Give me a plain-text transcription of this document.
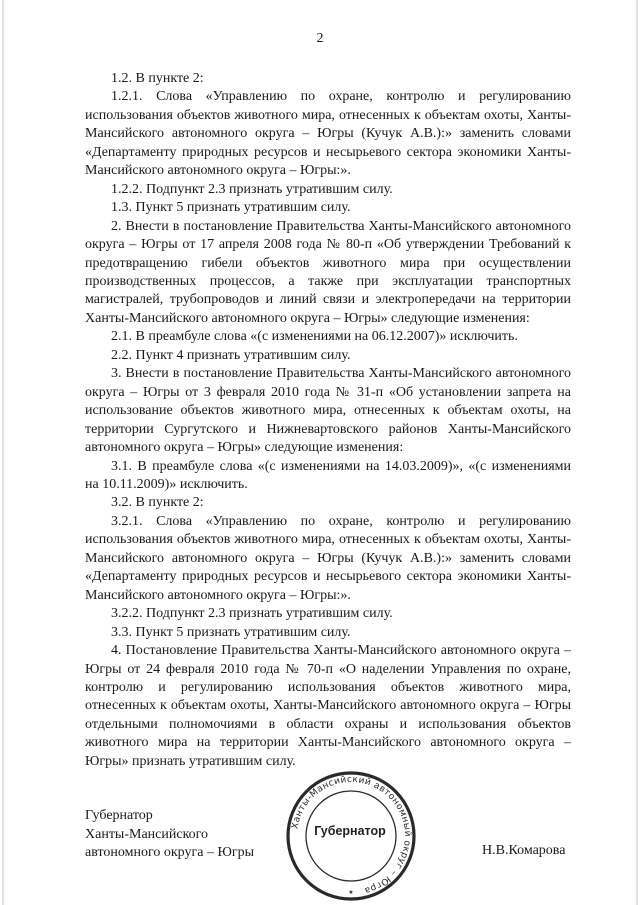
2

1.2. В пункте 2:

1.2.1. Слова «Управлению по охране, контролю и регулированию использования объектов животного мира, отнесенных к объектам охоты, Ханты-Мансийского автономного округа – Югры (Кучук А.В.):» заменить словами «Департаменту природных ресурсов и несырьевого сектора экономики Ханты-Мансийского автономного округа – Югры:».

1.2.2. Подпункт 2.3 признать утратившим силу.

1.3. Пункт 5 признать утратившим силу.

2. Внести в постановление Правительства Ханты-Мансийского автономного округа – Югры от 17 апреля 2008 года № 80-п «Об утверждении Требований к предотвращению гибели объектов животного мира при осуществлении производственных процессов, а также при эксплуатации транспортных магистралей, трубопроводов и линий связи и электропередачи на территории Ханты-Мансийского автономного округа – Югры» следующие изменения:

2.1. В преамбуле слова «(с изменениями на 06.12.2007)» исключить.

2.2. Пункт 4 признать утратившим силу.

3. Внести в постановление Правительства Ханты-Мансийского автономного округа – Югры от 3 февраля 2010 года № 31-п «Об установлении запрета на использование объектов животного мира, отнесенных к объектам охоты, на территории Сургутского и Нижневартовского районов Ханты-Мансийского автономного округа – Югры» следующие изменения:

3.1. В преамбуле слова «(с изменениями на 14.03.2009)», «(с изменениями на 10.11.2009)» исключить.

3.2. В пункте 2:

3.2.1. Слова «Управлению по охране, контролю и регулированию использования объектов животного мира, отнесенных к объектам охоты, Ханты-Мансийского автономного округа – Югры (Кучук А.В.):» заменить словами «Департаменту природных ресурсов и несырьевого сектора экономики Ханты-Мансийского автономного округа – Югры:».

3.2.2. Подпункт 2.3 признать утратившим силу.

3.3. Пункт 5 признать утратившим силу.

4. Постановление Правительства Ханты-Мансийского автономного округа – Югры от 24 февраля 2010 года № 70-п «О наделении Управления по охране, контролю и регулированию использования объектов животного мира, отнесенных к объектам охоты, Ханты-Мансийского автономного округа – Югры отдельными полномочиями в области охраны и использования объектов животного мира на территории Ханты-Мансийского автономного округа – Югры» признать утратившим силу.

Губернатор
Ханты-Мансийского
автономного округа – Югры
Ханты-Мансийский автономный округ – Югра
★
Губернатор
Н.В.Комарова
